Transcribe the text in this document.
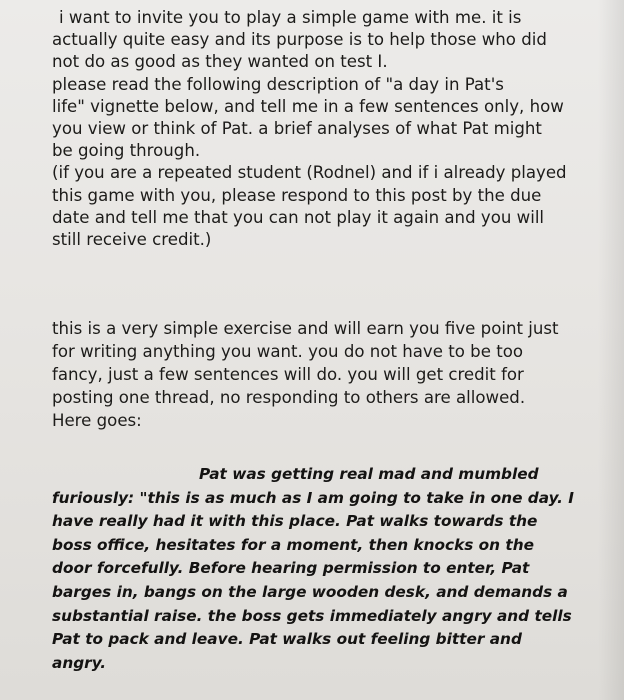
i want to invite you to play a simple game with me. it is
actually quite easy and its purpose is to help those who did
not do as good as they wanted on test I.
please read the following description of "a day in Pat's
life" vignette below, and tell me in a few sentences only, how
you view or think of Pat. a brief analyses of what Pat might
be going through.
(if you are a repeated student (Rodnel) and if i already played
this game with you, please respond to this post by the due
date and tell me that you can not play it again and you will
still receive credit.)
this is a very simple exercise and will earn you five point just
for writing anything you want. you do not have to be too
fancy, just a few sentences will do. you will get credit for
posting one thread, no responding to others are allowed.
Here goes:
Pat was getting real mad and mumbled
furiously: "this is as much as I am going to take in one day. I
have really had it with this place. Pat walks towards the
boss office, hesitates for a moment, then knocks on the
door forcefully. Before hearing permission to enter, Pat
barges in, bangs on the large wooden desk, and demands a
substantial raise. the boss gets immediately angry and tells
Pat to pack and leave. Pat walks out feeling bitter and
angry.
